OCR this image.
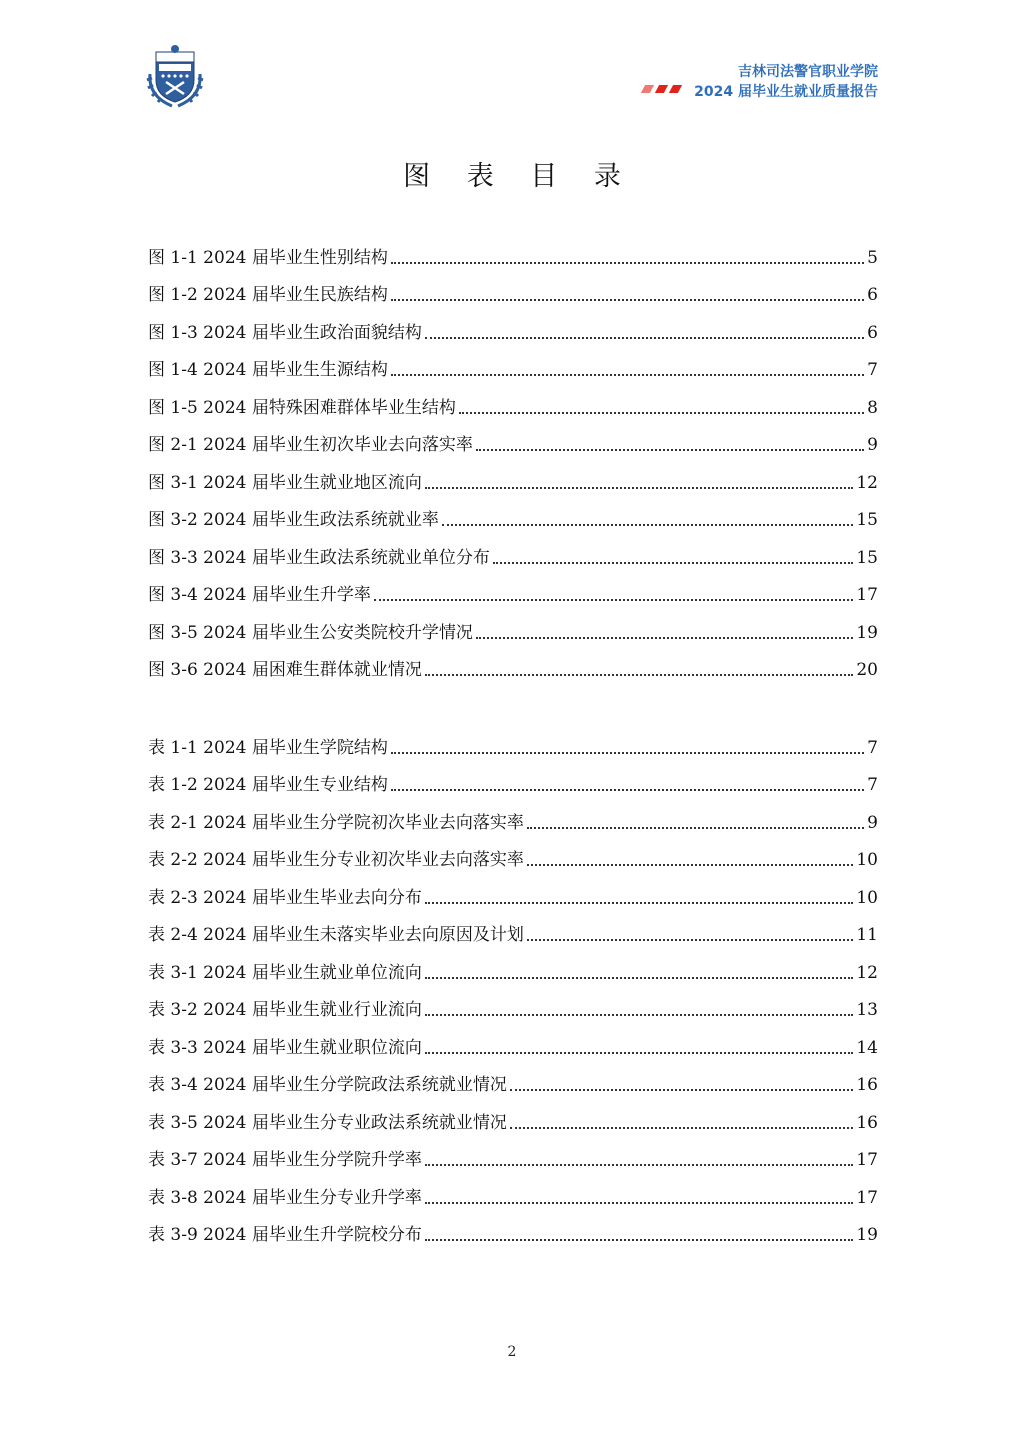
吉林司法警官职业学院
2024 届毕业生就业质量报告
图 表 目 录
图 1-1 2024 届毕业生性别结构	5
图 1-2 2024 届毕业生民族结构	6
图 1-3 2024 届毕业生政治面貌结构	6
图 1-4 2024 届毕业生生源结构	7
图 1-5 2024 届特殊困难群体毕业生结构	8
图 2-1 2024 届毕业生初次毕业去向落实率	9
图 3-1 2024 届毕业生就业地区流向	12
图 3-2 2024 届毕业生政法系统就业率	15
图 3-3 2024 届毕业生政法系统就业单位分布	15
图 3-4 2024 届毕业生升学率	17
图 3-5 2024 届毕业生公安类院校升学情况	19
图 3-6 2024 届困难生群体就业情况	20
表 1-1 2024 届毕业生学院结构	7
表 1-2 2024 届毕业生专业结构	7
表 2-1 2024 届毕业生分学院初次毕业去向落实率	9
表 2-2 2024 届毕业生分专业初次毕业去向落实率	10
表 2-3 2024 届毕业生毕业去向分布	10
表 2-4 2024 届毕业生未落实毕业去向原因及计划	11
表 3-1 2024 届毕业生就业单位流向	12
表 3-2 2024 届毕业生就业行业流向	13
表 3-3 2024 届毕业生就业职位流向	14
表 3-4 2024 届毕业生分学院政法系统就业情况	16
表 3-5 2024 届毕业生分专业政法系统就业情况	16
表 3-7 2024 届毕业生分学院升学率	17
表 3-8 2024 届毕业生分专业升学率	17
表 3-9 2024 届毕业生升学院校分布	19
2
